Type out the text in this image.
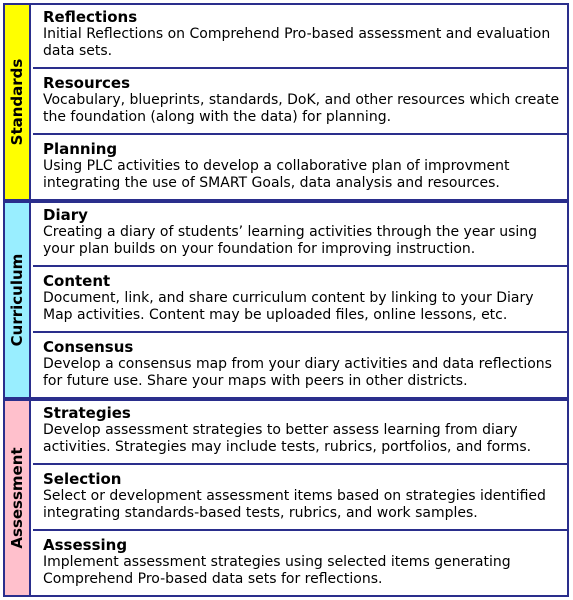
Standards
Reflections
Initial Reflections on Comprehend Pro-based assessment and evaluation data sets.
Resources
Vocabulary, blueprints, standards, DoK, and other resources which create the foundation (along with the data) for planning.
Planning
Using PLC activities to develop a collaborative plan of improvment integrating the use of SMART Goals, data analysis and resources.
Curriculum
Diary
Creating a diary of students’ learning activities through the year using your plan builds on your foundation for improving instruction.
Content
Document, link, and share curriculum content by linking to your Diary Map activities. Content may be uploaded files, online lessons, etc.
Consensus
Develop a consensus map from your diary activities and data reflections for future use. Share your maps with peers in other districts.
Assessment
Strategies
Develop assessment strategies to better assess learning from diary activities. Strategies may include tests, rubrics, portfolios, and forms.
Selection
Select or development assessment items based on strategies identified integrating standards-based tests, rubrics, and work samples.
Assessing
Implement assessment strategies using selected items generating Comprehend Pro-based data sets for reflections.
